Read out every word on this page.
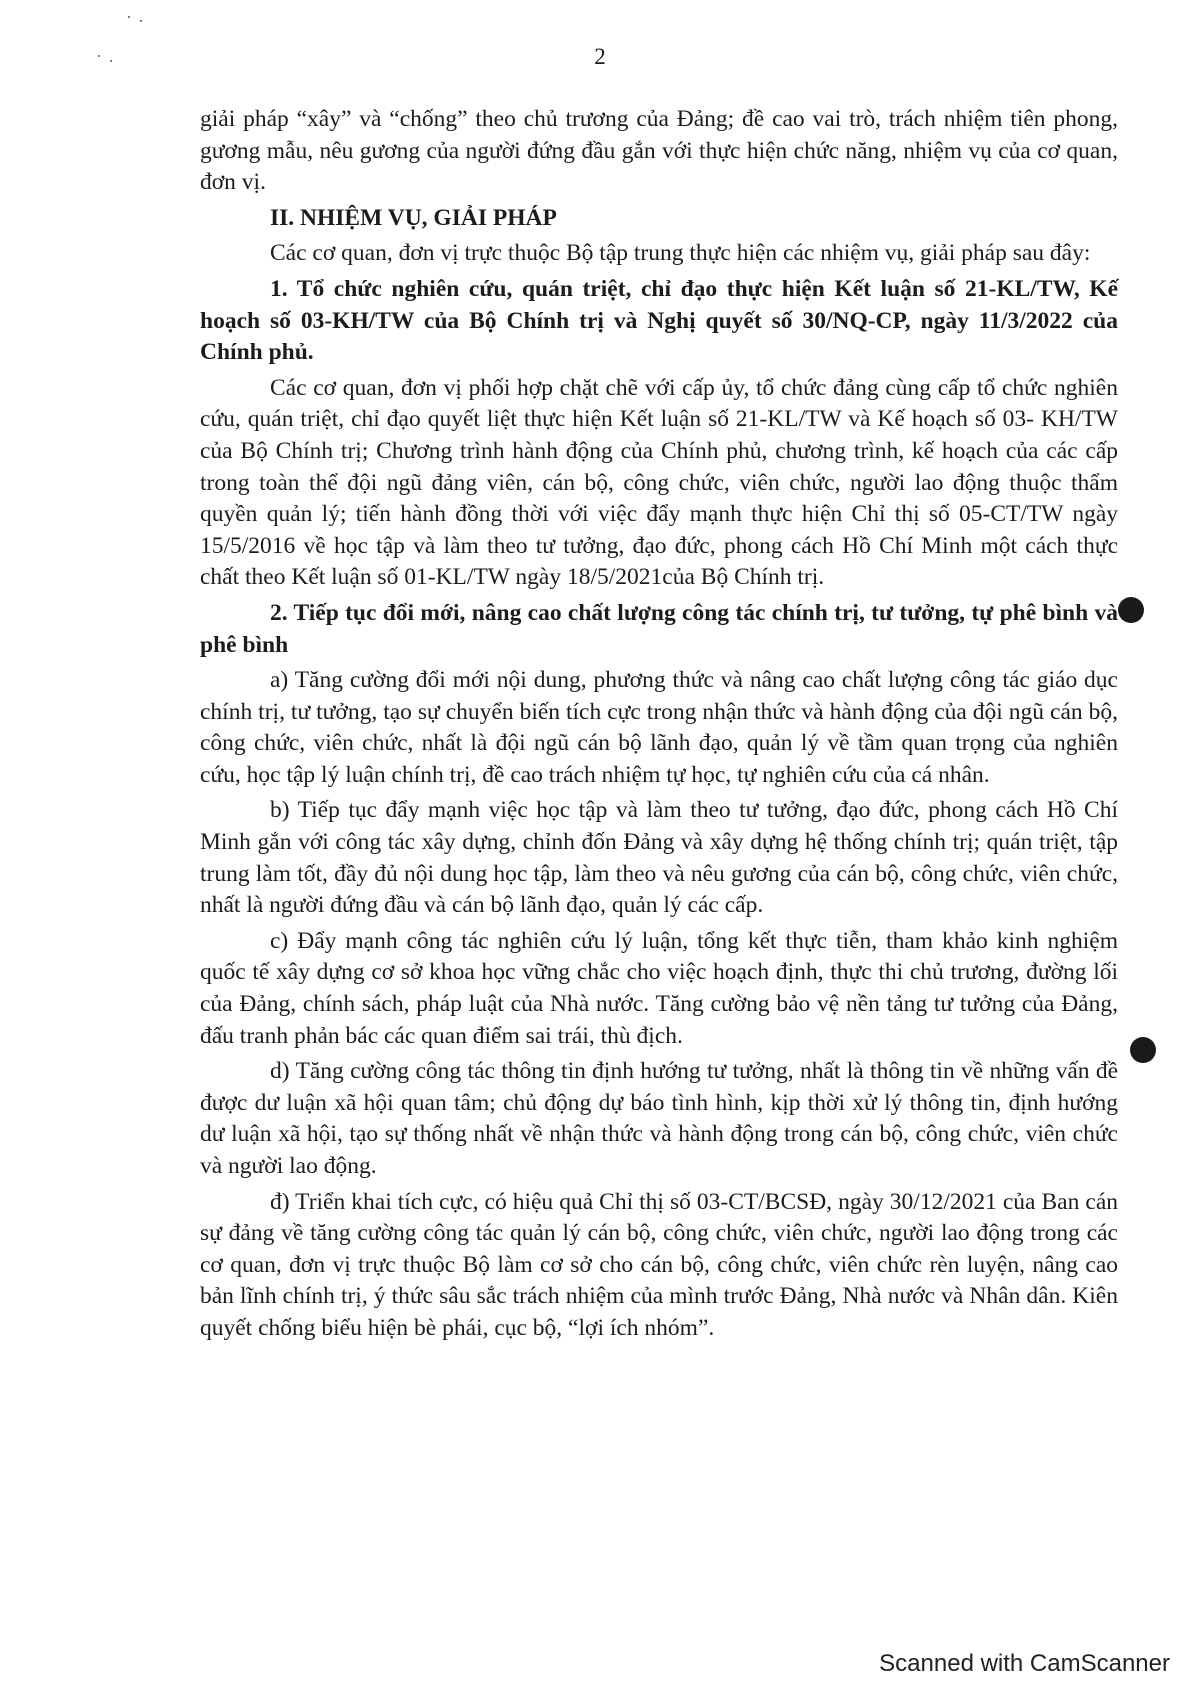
2

giải pháp “xây” và “chống” theo chủ trương của Đảng; đề cao vai trò, trách nhiệm tiên phong, gương mẫu, nêu gương của người đứng đầu gắn với thực hiện chức năng, nhiệm vụ của cơ quan, đơn vị.

II. NHIỆM VỤ, GIẢI PHÁP

Các cơ quan, đơn vị trực thuộc Bộ tập trung thực hiện các nhiệm vụ, giải pháp sau đây:

1. Tổ chức nghiên cứu, quán triệt, chỉ đạo thực hiện Kết luận số 21-KL/TW, Kế hoạch số 03-KH/TW của Bộ Chính trị và Nghị quyết số 30/NQ-CP, ngày 11/3/2022 của Chính phủ.

Các cơ quan, đơn vị phối hợp chặt chẽ với cấp ủy, tổ chức đảng cùng cấp tổ chức nghiên cứu, quán triệt, chỉ đạo quyết liệt thực hiện Kết luận số 21-KL/TW và Kế hoạch số 03- KH/TW của Bộ Chính trị; Chương trình hành động của Chính phủ, chương trình, kế hoạch của các cấp trong toàn thể đội ngũ đảng viên, cán bộ, công chức, viên chức, người lao động thuộc thẩm quyền quản lý; tiến hành đồng thời với việc đẩy mạnh thực hiện Chỉ thị số 05-CT/TW ngày 15/5/2016 về học tập và làm theo tư tưởng, đạo đức, phong cách Hồ Chí Minh một cách thực chất theo Kết luận số 01-KL/TW ngày 18/5/2021của Bộ Chính trị.

2. Tiếp tục đổi mới, nâng cao chất lượng công tác chính trị, tư tưởng, tự phê bình và phê bình

a) Tăng cường đổi mới nội dung, phương thức và nâng cao chất lượng công tác giáo dục chính trị, tư tưởng, tạo sự chuyển biến tích cực trong nhận thức và hành động của đội ngũ cán bộ, công chức, viên chức, nhất là đội ngũ cán bộ lãnh đạo, quản lý về tầm quan trọng của nghiên cứu, học tập lý luận chính trị, đề cao trách nhiệm tự học, tự nghiên cứu của cá nhân.

b) Tiếp tục đẩy mạnh việc học tập và làm theo tư tưởng, đạo đức, phong cách Hồ Chí Minh gắn với công tác xây dựng, chỉnh đốn Đảng và xây dựng hệ thống chính trị; quán triệt, tập trung làm tốt, đầy đủ nội dung học tập, làm theo và nêu gương của cán bộ, công chức, viên chức, nhất là người đứng đầu và cán bộ lãnh đạo, quản lý các cấp.

c) Đẩy mạnh công tác nghiên cứu lý luận, tổng kết thực tiễn, tham khảo kinh nghiệm quốc tế xây dựng cơ sở khoa học vững chắc cho việc hoạch định, thực thi chủ trương, đường lối của Đảng, chính sách, pháp luật của Nhà nước. Tăng cường bảo vệ nền tảng tư tưởng của Đảng, đấu tranh phản bác các quan điểm sai trái, thù địch.

d) Tăng cường công tác thông tin định hướng tư tưởng, nhất là thông tin về những vấn đề được dư luận xã hội quan tâm; chủ động dự báo tình hình, kịp thời xử lý thông tin, định hướng dư luận xã hội, tạo sự thống nhất về nhận thức và hành động trong cán bộ, công chức, viên chức và người lao động.

đ) Triển khai tích cực, có hiệu quả Chỉ thị số 03-CT/BCSĐ, ngày 30/12/2021 của Ban cán sự đảng về tăng cường công tác quản lý cán bộ, công chức, viên chức, người lao động trong các cơ quan, đơn vị trực thuộc Bộ làm cơ sở cho cán bộ, công chức, viên chức rèn luyện, nâng cao bản lĩnh chính trị, ý thức sâu sắc trách nhiệm của mình trước Đảng, Nhà nước và Nhân dân. Kiên quyết chống biểu hiện bè phái, cục bộ, “lợi ích nhóm”.

Scanned with CamScanner
